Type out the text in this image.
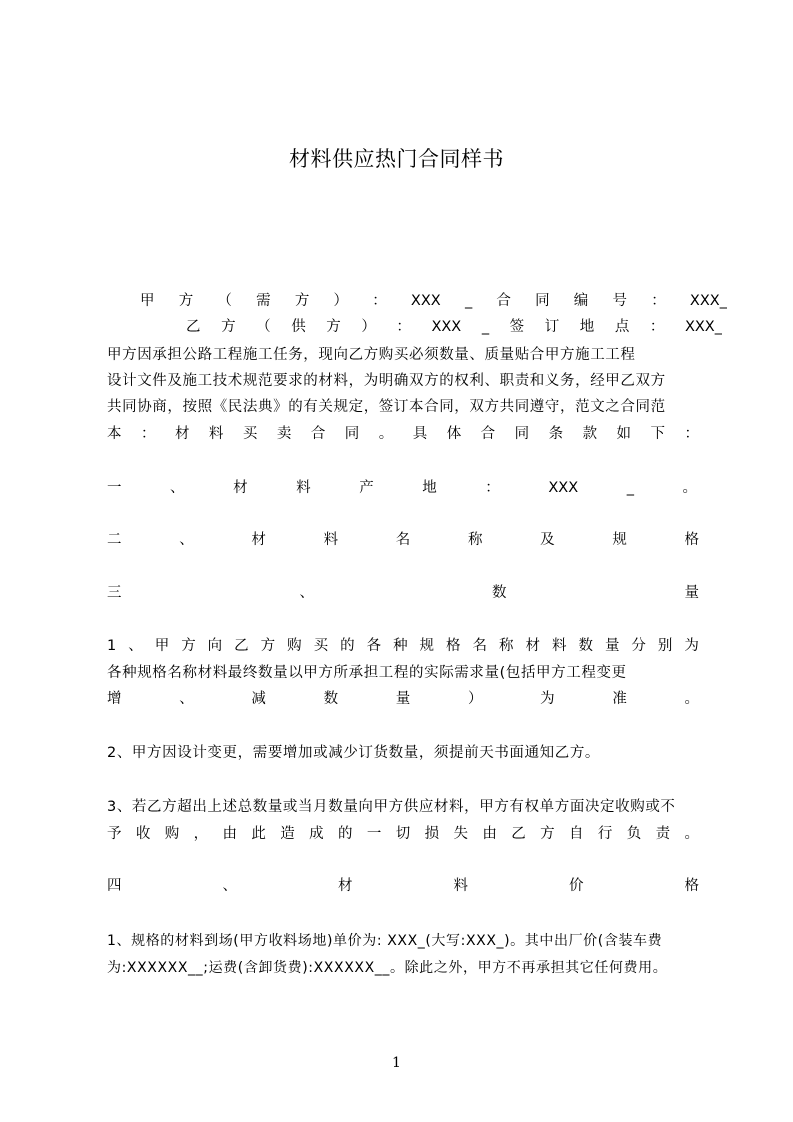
材料供应热门合同样书
甲 方 （ 需 方 ） ： XXX _ 合 同 编 号 ： XXX_
乙 方 （ 供 方 ） ： XXX _ 签 订 地 点 ： XXX_
甲方因承担公路工程施工任务，现向乙方购买必须数量、质量贴合甲方施工工程
设计文件及施工技术规范要求的材料，为明确双方的权利、职责和义务，经甲乙双方
共同协商，按照《民法典》的有关规定，签订本合同，双方共同遵守，范文之合同范
本 ： 材 料 买 卖 合 同 。 具 体 合 同 条 款 如 下 ：
一	、	材	料	产	地	：	XXX	_	。
二	、	材	料	名	称	及	规	格
三	、	数	量
1 、 甲 方 向 乙 方 购 买 的 各 种 规 格 名 称 材 料 数 量 分 别 为
各种规格名称材料最终数量以甲方所承担工程的实际需求量(包括甲方工程变更
增	、	减	数	量	）	为	准	。
2、甲方因设计变更，需要增加或减少订货数量，须提前天书面通知乙方。
3、若乙方超出上述总数量或当月数量向甲方供应材料，甲方有权单方面决定收购或不
予 收 购 ， 由 此 造 成 的 一 切 损 失 由 乙 方 自 行 负 责 。
四	、	材	料	价	格
1、规格的材料到场(甲方收料场地)单价为: XXX_(大写:XXX_)。其中出厂价(含装车费
为:XXXXXX__;运费(含卸货费):XXXXXX__。除此之外，甲方不再承担其它任何费用。
1
